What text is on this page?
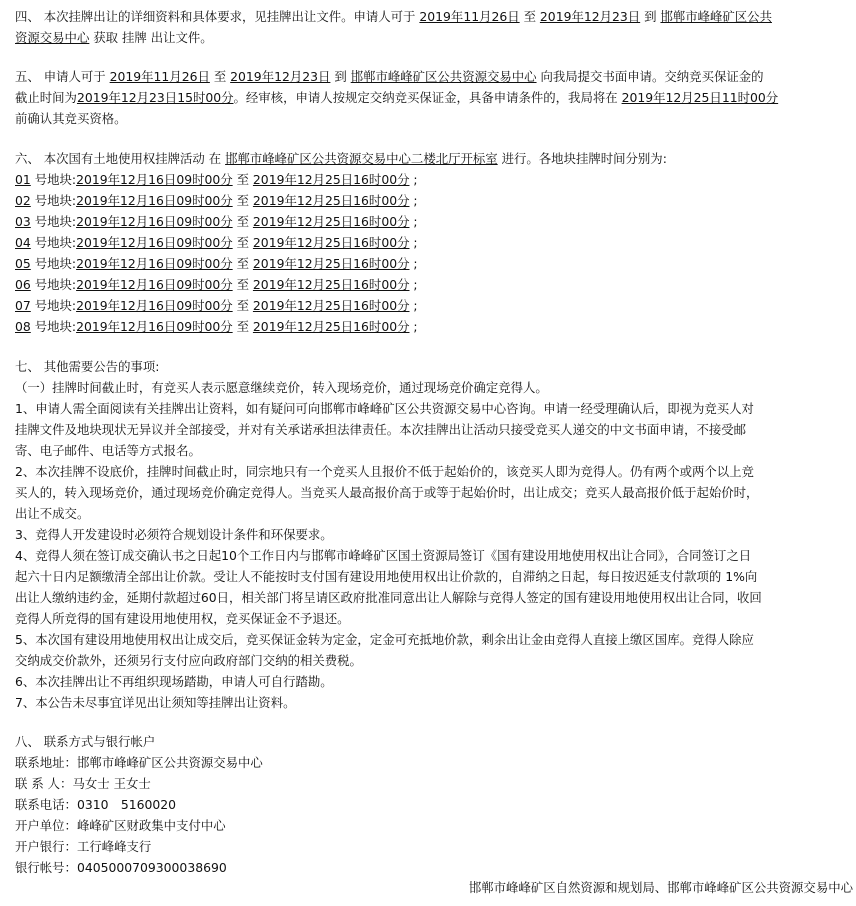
四、 本次挂牌出让的详细资料和具体要求，见挂牌出让文件。申请人可于 2019年11月26日 至 2019年12月23日 到 邯郸市峰峰矿区公共

资源交易中心 获取 挂牌 出让文件。

五、 申请人可于 2019年11月26日 至 2019年12月23日 到 邯郸市峰峰矿区公共资源交易中心 向我局提交书面申请。交纳竞买保证金的

截止时间为2019年12月23日15时00分。经审核，申请人按规定交纳竞买保证金，具备申请条件的，我局将在 2019年12月25日11时00分

前确认其竞买资格。

六、 本次国有土地使用权挂牌活动 在 邯郸市峰峰矿区公共资源交易中心二楼北厅开标室 进行。各地块挂牌时间分别为:

01 号地块:2019年12月16日09时00分 至 2019年12月25日16时00分 ;

02 号地块:2019年12月16日09时00分 至 2019年12月25日16时00分 ;

03 号地块:2019年12月16日09时00分 至 2019年12月25日16时00分 ;

04 号地块:2019年12月16日09时00分 至 2019年12月25日16时00分 ;

05 号地块:2019年12月16日09时00分 至 2019年12月25日16时00分 ;

06 号地块:2019年12月16日09时00分 至 2019年12月25日16时00分 ;

07 号地块:2019年12月16日09时00分 至 2019年12月25日16时00分 ;

08 号地块:2019年12月16日09时00分 至 2019年12月25日16时00分 ;

七、 其他需要公告的事项:

（一）挂牌时间截止时，有竞买人表示愿意继续竞价，转入现场竞价，通过现场竞价确定竞得人。

1、申请人需全面阅读有关挂牌出让资料，如有疑问可向邯郸市峰峰矿区公共资源交易中心咨询。申请一经受理确认后，即视为竞买人对

挂牌文件及地块现状无异议并全部接受，并对有关承诺承担法律责任。本次挂牌出让活动只接受竞买人递交的中文书面申请，不接受邮

寄、电子邮件、电话等方式报名。

2、本次挂牌不设底价，挂牌时间截止时，同宗地只有一个竞买人且报价不低于起始价的，该竞买人即为竞得人。仍有两个或两个以上竞

买人的，转入现场竞价，通过现场竞价确定竞得人。当竞买人最高报价高于或等于起始价时，出让成交；竞买人最高报价低于起始价时，

出让不成交。

3、竞得人开发建设时必须符合规划设计条件和环保要求。

4、竞得人须在签订成交确认书之日起10个工作日内与邯郸市峰峰矿区国土资源局签订《国有建设用地使用权出让合同》，合同签订之日

起六十日内足额缴清全部出让价款。受让人不能按时支付国有建设用地使用权出让价款的，自滞纳之日起，每日按迟延支付款项的 1%向

出让人缴纳违约金，延期付款超过60日，相关部门将呈请区政府批准同意出让人解除与竞得人签定的国有建设用地使用权出让合同，收回

竞得人所竞得的国有建设用地使用权，竞买保证金不予退还。

5、本次国有建设用地使用权出让成交后，竞买保证金转为定金，定金可充抵地价款，剩余出让金由竞得人直接上缴区国库。竞得人除应

交纳成交价款外，还须另行支付应向政府部门交纳的相关费税。

6、本次挂牌出让不再组织现场踏勘，申请人可自行踏勘。

7、本公告未尽事宜详见出让须知等挂牌出让资料。

八、 联系方式与银行帐户

联系地址：邯郸市峰峰矿区公共资源交易中心

联 系 人：马女士 王女士

联系电话：0310　5160020

开户单位：峰峰矿区财政集中支付中心

开户银行：工行峰峰支行

银行帐号：0405000709300038690

邯郸市峰峰矿区自然资源和规划局、邯郸市峰峰矿区公共资源交易中心
